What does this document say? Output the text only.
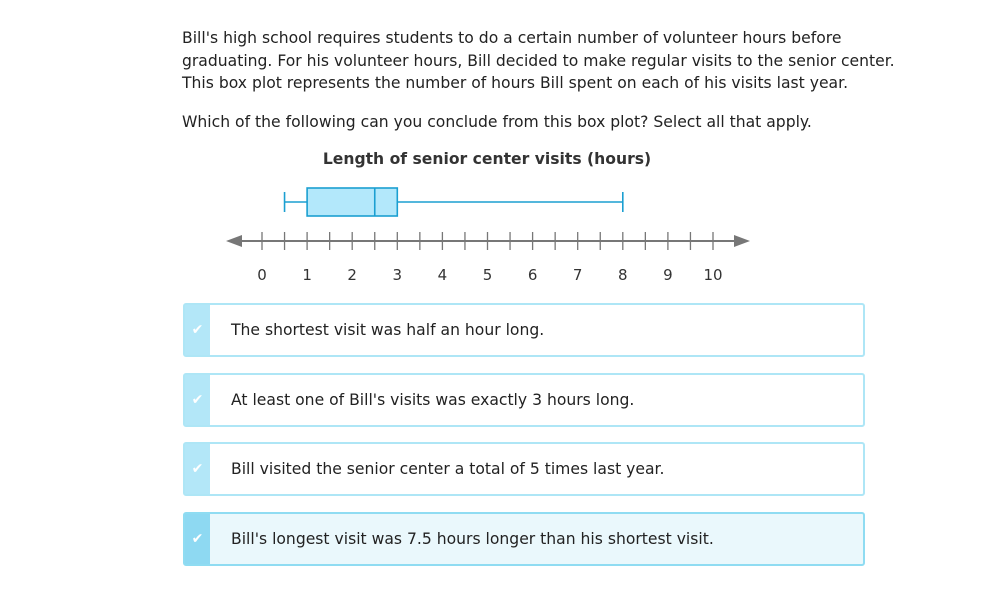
Bill's high school requires students to do a certain number of volunteer hours before
graduating. For his volunteer hours, Bill decided to make regular visits to the senior center.
This box plot represents the number of hours Bill spent on each of his visits last year.
Which of the following can you conclude from this box plot? Select all that apply.
Length of senior center visits (hours)
0 1 2 3 4 5 6 7 8 9 10
✔ The shortest visit was half an hour long.
✔ At least one of Bill's visits was exactly 3 hours long.
✔ Bill visited the senior center a total of 5 times last year.
✔ Bill's longest visit was 7.5 hours longer than his shortest visit.
